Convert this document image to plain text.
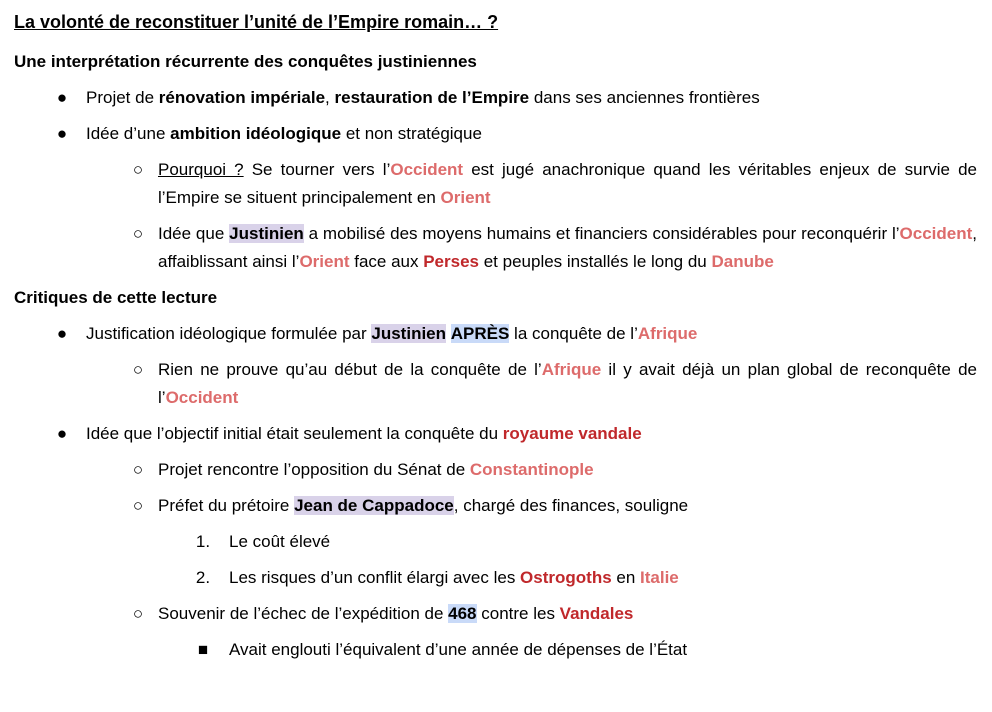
La volonté de reconstituer l’unité de l’Empire romain… ?
Une interprétation récurrente des conquêtes justiniennes
● Projet de rénovation impériale, restauration de l’Empire dans ses anciennes frontières
● Idée d’une ambition idéologique et non stratégique
○ Pourquoi ? Se tourner vers l’Occident est jugé anachronique quand les véritables enjeux de survie de l’Empire se situent principalement en Orient
○ Idée que Justinien a mobilisé des moyens humains et financiers considérables pour reconquérir l’Occident, affaiblissant ainsi l’Orient face aux Perses et peuples installés le long du Danube
Critiques de cette lecture
● Justification idéologique formulée par Justinien APRÈS la conquête de l’Afrique
○ Rien ne prouve qu’au début de la conquête de l’Afrique il y avait déjà un plan global de reconquête de l’Occident
● Idée que l’objectif initial était seulement la conquête du royaume vandale
○ Projet rencontre l’opposition du Sénat de Constantinople
○ Préfet du prétoire Jean de Cappadoce, chargé des finances, souligne
1. Le coût élevé
2. Les risques d’un conflit élargi avec les Ostrogoths en Italie
○ Souvenir de l’échec de l’expédition de 468 contre les Vandales
■ Avait englouti l’équivalent d’une année de dépenses de l’État
